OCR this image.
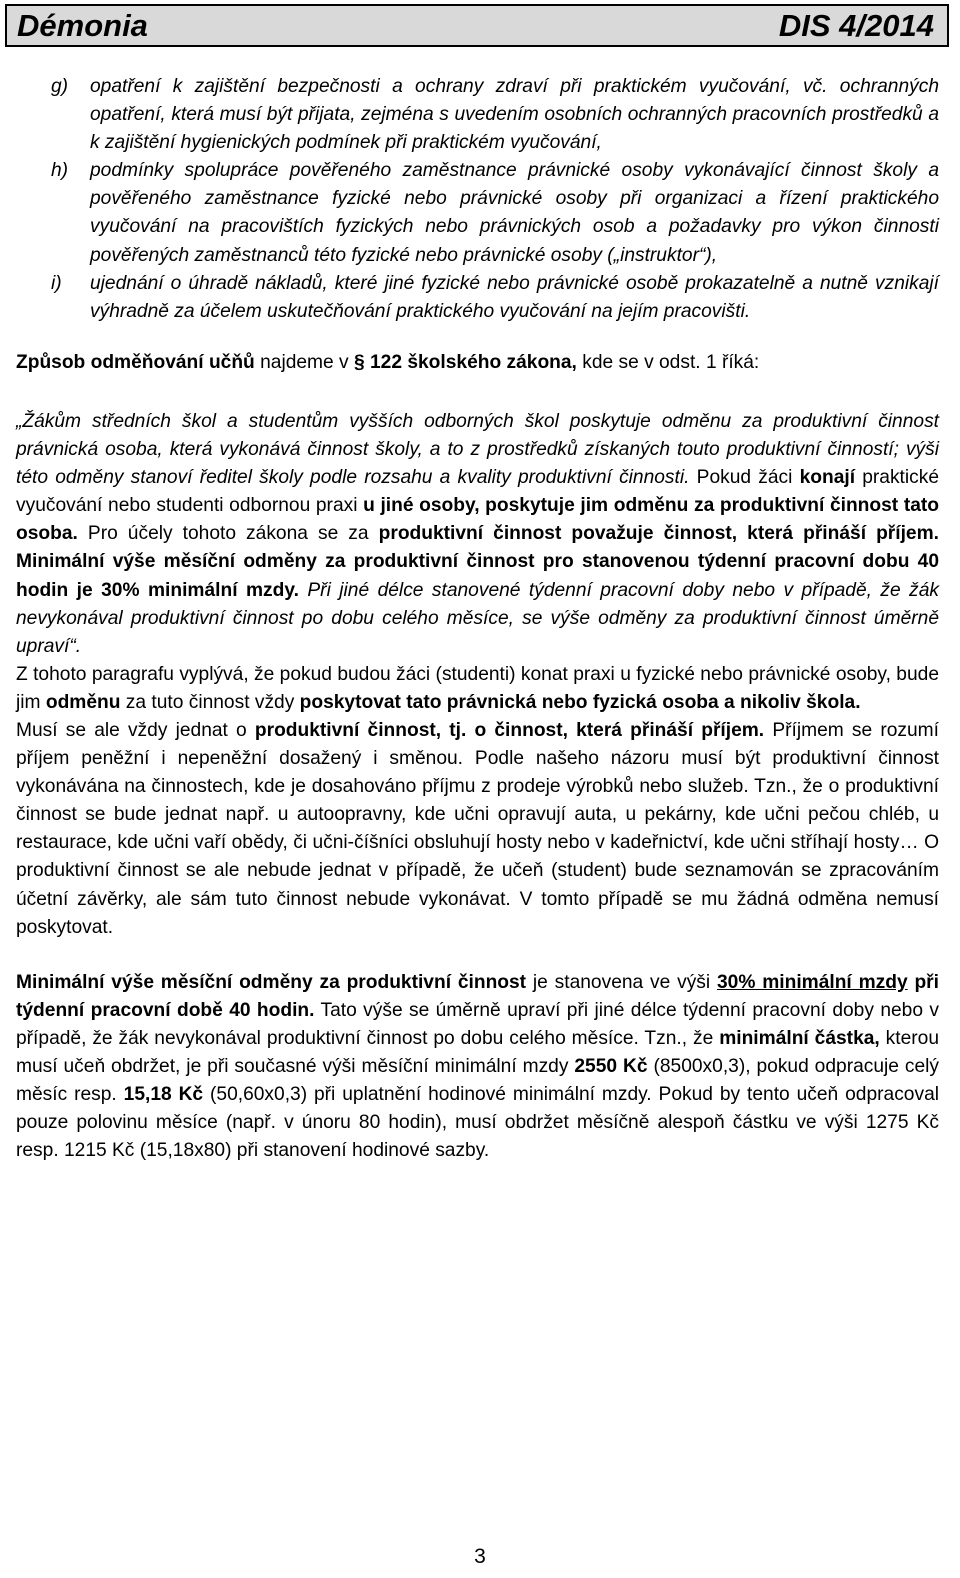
Démonia	DIS 4/2014
g) opatření k zajištění bezpečnosti a ochrany zdraví při praktickém vyučování, vč. ochranných opatření, která musí být přijata, zejména s uvedením osobních ochranných pracovních prostředků a k zajištění hygienických podmínek při praktickém vyučování,
h) podmínky spolupráce pověřeného zaměstnance právnické osoby vykonávající činnost školy a pověřeného zaměstnance fyzické nebo právnické osoby při organizaci a řízení praktického vyučování na pracovištích fyzických nebo právnických osob a požadavky pro výkon činnosti pověřených zaměstnanců této fyzické nebo právnické osoby („instruktor“),
i) ujednání o úhradě nákladů, které jiné fyzické nebo právnické osobě prokazatelně a nutně vznikají výhradně za účelem uskutečňování praktického vyučování na jejím pracovišti.

Způsob odměňování učňů najdeme v § 122 školského zákona, kde se v odst. 1 říká:

„Žákům středních škol a studentům vyšších odborných škol poskytuje odměnu za produktivní činnost právnická osoba, která vykonává činnost školy, a to z prostředků získaných touto produktivní činností; výši této odměny stanoví ředitel školy podle rozsahu a kvality produktivní činnosti. Pokud žáci konají praktické vyučování nebo studenti odbornou praxi u jiné osoby, poskytuje jim odměnu za produktivní činnost tato osoba. Pro účely tohoto zákona se za produktivní činnost považuje činnost, která přináší příjem. Minimální výše měsíční odměny za produktivní činnost pro stanovenou týdenní pracovní dobu 40 hodin je 30% minimální mzdy. Při jiné délce stanovené týdenní pracovní doby nebo v případě, že žák nevykonával produktivní činnost po dobu celého měsíce, se výše odměny za produktivní činnost úměrně upraví“.

Z tohoto paragrafu vyplývá, že pokud budou žáci (studenti) konat praxi u fyzické nebo právnické osoby, bude jim odměnu za tuto činnost vždy poskytovat tato právnická nebo fyzická osoba a nikoliv škola.

Musí se ale vždy jednat o produktivní činnost, tj. o činnost, která přináší příjem. Příjmem se rozumí příjem peněžní i nepeněžní dosažený i směnou. Podle našeho názoru musí být produktivní činnost vykonávána na činnostech, kde je dosahováno příjmu z prodeje výrobků nebo služeb. Tzn., že o produktivní činnost se bude jednat např. u autoopravny, kde učni opravují auta, u pekárny, kde učni pečou chléb, u restaurace, kde učni vaří obědy, či učni-číšníci obsluhují hosty nebo v kadeřnictví, kde učni stříhají hosty… O produktivní činnost se ale nebude jednat v případě, že učeň (student) bude seznamován se zpracováním účetní závěrky, ale sám tuto činnost nebude vykonávat. V tomto případě se mu žádná odměna nemusí poskytovat.

Minimální výše měsíční odměny za produktivní činnost je stanovena ve výši 30% minimální mzdy při týdenní pracovní době 40 hodin. Tato výše se úměrně upraví při jiné délce týdenní pracovní doby nebo v případě, že žák nevykonával produktivní činnost po dobu celého měsíce. Tzn., že minimální částka, kterou musí učeň obdržet, je při současné výši měsíční minimální mzdy 2550 Kč (8500x0,3), pokud odpracuje celý měsíc resp. 15,18 Kč (50,60x0,3) při uplatnění hodinové minimální mzdy. Pokud by tento učeň odpracoval pouze polovinu měsíce (např. v únoru 80 hodin), musí obdržet měsíčně alespoň částku ve výši 1275 Kč resp. 1215 Kč (15,18x80) při stanovení hodinové sazby.

3
